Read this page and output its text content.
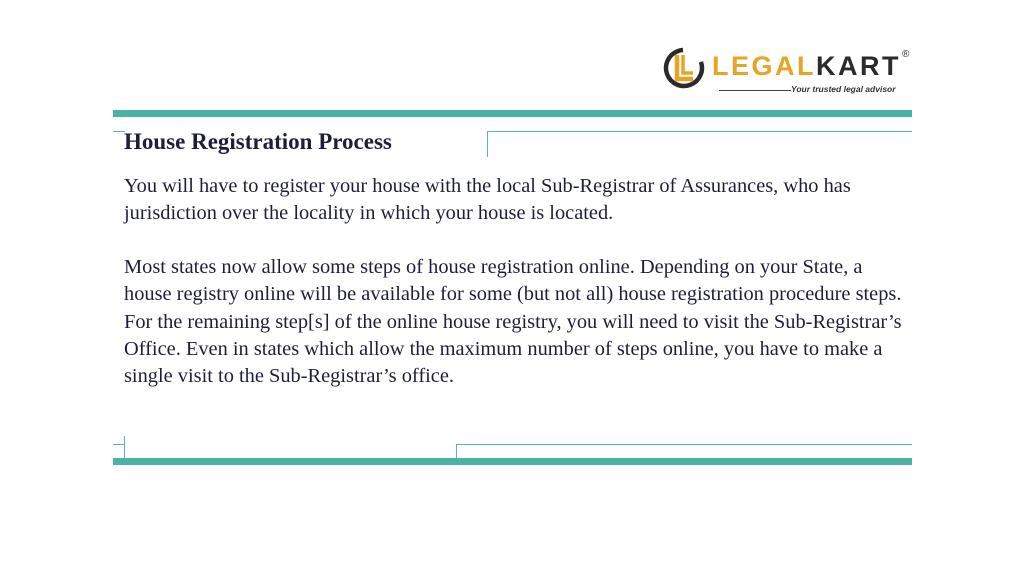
LEGALKART ®
Your trusted legal advisor
House Registration Process

You will have to register your house with the local Sub-Registrar of Assurances, who has jurisdiction over the locality in which your house is located.

Most states now allow some steps of house registration online. Depending on your State, a house registry online will be available for some (but not all) house registration procedure steps. For the remaining step[s] of the online house registry, you will need to visit the Sub-Registrar’s Office. Even in states which allow the maximum number of steps online, you have to make a single visit to the Sub-Registrar’s office.
